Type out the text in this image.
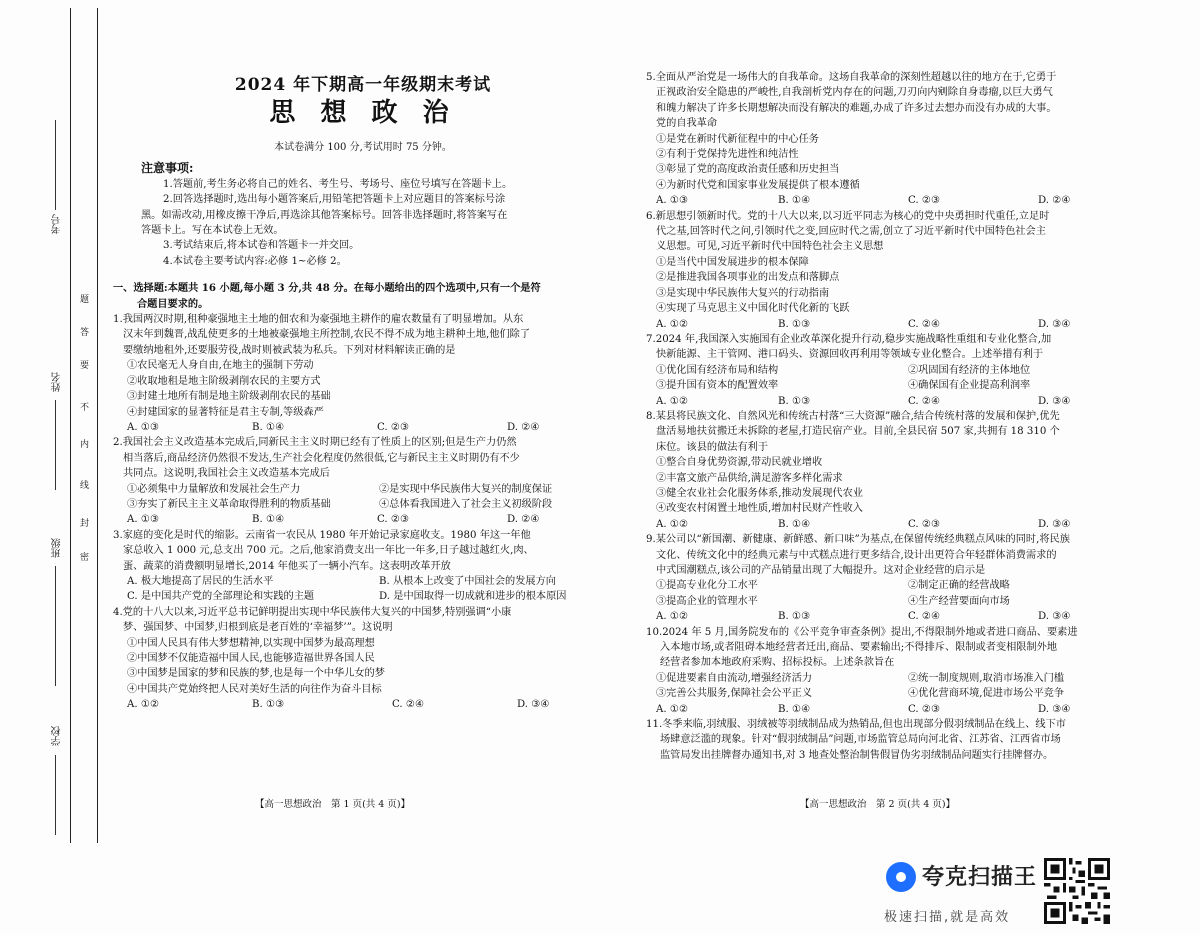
考号
姓名
班级
学校
题
答
要
不
内
线
封
密
2024 年下期高一年级期末考试
思 想 政 治
本试卷满分 100 分,考试用时 75 分钟。
注意事项:

1.答题前,考生务必将自己的姓名、考生号、考场号、座位号填写在答题卡上。

2.回答选择题时,选出每小题答案后,用铅笔把答题卡上对应题目的答案标号涂

黑。如需改动,用橡皮擦干净后,再选涂其他答案标号。回答非选择题时,将答案写在

答题卡上。写在本试卷上无效。

3.考试结束后,将本试卷和答题卡一并交回。

4.本试卷主要考试内容:必修 1~必修 2。

一、选择题:本题共 16 小题,每小题 3 分,共 48 分。在每小题给出的四个选项中,只有一个是符

合题目要求的。

1.我国两汉时期,租种豪强地主土地的佃农和为豪强地主耕作的雇农数量有了明显增加。从东

汉末年到魏晋,战乱使更多的土地被豪强地主所控制,农民不得不成为地主耕种土地,他们除了

要缴纳地租外,还要服劳役,战时则被武装为私兵。下列对材料解读正确的是

①农民毫无人身自由,在地主的强制下劳动

②收取地租是地主阶级剥削农民的主要方式

③封建土地所有制是地主阶级剥削农民的基础

④封建国家的显著特征是君主专制,等级森严

A. ①③	B. ①④	C. ②③	D. ②④

2.我国社会主义改造基本完成后,同新民主主义时期已经有了性质上的区别;但是生产力仍然

相当落后,商品经济仍然很不发达,生产社会化程度仍然很低,它与新民主主义时期仍有不少

共同点。这说明,我国社会主义改造基本完成后

①必须集中力量解放和发展社会生产力	②是实现中华民族伟大复兴的制度保证

③夯实了新民主主义革命取得胜利的物质基础	④总体看我国进入了社会主义初级阶段

A. ①③	B. ①④	C. ②③	D. ②④

3.家庭的变化是时代的缩影。云南省一农民从 1980 年开始记录家庭收支。1980 年这一年他

家总收入 1 000 元,总支出 700 元。之后,他家消费支出一年比一年多,日子越过越红火,肉、

蛋、蔬菜的消费额明显增长,2014 年他买了一辆小汽车。这表明改革开放

A. 极大地提高了居民的生活水平	B. 从根本上改变了中国社会的发展方向

C. 是中国共产党的全部理论和实践的主题	D. 是中国取得一切成就和进步的根本原因

4.党的十八大以来,习近平总书记鲜明提出实现中华民族伟大复兴的中国梦,特别强调“小康

梦、强国梦、中国梦,归根到底是老百姓的‘幸福梦’”。这说明

①中国人民具有伟大梦想精神,以实现中国梦为最高理想

②中国梦不仅能造福中国人民,也能够造福世界各国人民

③中国梦是国家的梦和民族的梦,也是每一个中华儿女的梦

④中国共产党始终把人民对美好生活的向往作为奋斗目标

A. ①②	B. ①③	C. ②④	D. ③④

【高一思想政治　第 1 页(共 4 页)】

5.全面从严治党是一场伟大的自我革命。这场自我革命的深刻性超越以往的地方在于,它勇于

正视政治安全隐患的严峻性,自我剖析党内存在的问题,刀刃向内剜除自身毒瘤,以巨大勇气

和魄力解决了许多长期想解决而没有解决的难题,办成了许多过去想办而没有办成的大事。

党的自我革命

①是党在新时代新征程中的中心任务

②有利于党保持先进性和纯洁性

③彰显了党的高度政治责任感和历史担当

④为新时代党和国家事业发展提供了根本遵循

A. ①③	B. ①④	C. ②③	D. ②④

6.新思想引领新时代。党的十八大以来,以习近平同志为核心的党中央勇担时代重任,立足时

代之基,回答时代之问,引领时代之变,回应时代之需,创立了习近平新时代中国特色社会主

义思想。可见,习近平新时代中国特色社会主义思想

①是当代中国发展进步的根本保障

②是推进我国各项事业的出发点和落脚点

③是实现中华民族伟大复兴的行动指南

④实现了马克思主义中国化时代化新的飞跃

A. ①②	B. ①③	C. ②④	D. ③④

7.2024 年,我国深入实施国有企业改革深化提升行动,稳步实施战略性重组和专业化整合,加

快新能源、主干管网、港口码头、资源回收再利用等领域专业化整合。上述举措有利于

①优化国有经济布局和结构	②巩固国有经济的主体地位

③提升国有资本的配置效率	④确保国有企业提高利润率

A. ①②	B. ①③	C. ②④	D. ③④

8.某县将民族文化、自然风光和传统古村落“三大资源”融合,结合传统村落的发展和保护,优先

盘活易地扶贫搬迁未拆除的老屋,打造民宿产业。目前,全县民宿 507 家,共拥有 18 310 个

床位。该县的做法有利于

①整合自身优势资源,带动民就业增收

②丰富文旅产品供给,满足游客多样化需求

③健全农业社会化服务体系,推动发展现代农业

④改变农村闲置土地性质,增加村民财产性收入

A. ①②	B. ①④	C. ②③	D. ③④

9.某公司以“新国潮、新健康、新鲜感、新口味”为基点,在保留传统经典糕点风味的同时,将民族

文化、传统文化中的经典元素与中式糕点进行更多结合,设计出更符合年轻群体消费需求的

中式国潮糕点,该公司的产品销量出现了大幅提升。这对企业经营的启示是

①提高专业化分工水平	②制定正确的经营战略

③提高企业的管理水平	④生产经营要面向市场

A. ①②	B. ①③	C. ②④	D. ③④

10.2024 年 5 月,国务院发布的《公平竞争审查条例》提出,不得限制外地或者进口商品、要素进

入本地市场,或者阻碍本地经营者迁出,商品、要素输出;不得排斥、限制或者变相限制外地

经营者参加本地政府采购、招标投标。上述条款旨在

①促进要素自由流动,增强经济活力	②统一制度规则,取消市场准入门槛

③完善公共服务,保障社会公平正义	④优化营商环境,促进市场公平竞争

A. ①②	B. ①④	C. ②③	D. ③④

11.冬季来临,羽绒服、羽绒被等羽绒制品成为热销品,但也出现部分假羽绒制品在线上、线下市

场肆意泛滥的现象。针对“假羽绒制品”问题,市场监管总局向河北省、江苏省、江西省市场

监管局发出挂牌督办通知书,对 3 地查处整治制售假冒伪劣羽绒制品问题实行挂牌督办。

【高一思想政治　第 2 页(共 4 页)】
夸克扫描王
极速扫描,就是高效
